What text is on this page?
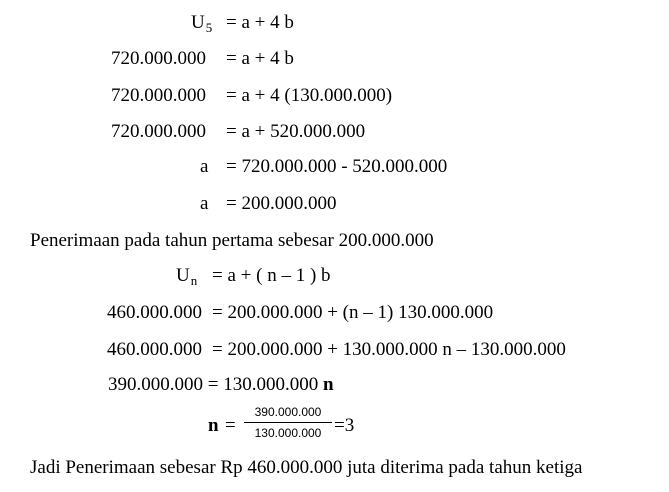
$U_5 = a + 4$ b
720.000.000 = a + 4 b
720.000.000 = a + 4 (130.000.000)
720.000.000 = a + 520.000.000
a = 720.000.000 - 520.000.000
a = 200.000.000
Penerimaan pada tahun pertama sebesar 200.000.000
$U_n = a$ + ( n – 1 ) b
460.000.000 = 200.000.000 + (n – 1) 130.000.000
460.000.000 = 200.000.000 + 130.000.000 n – 130.000.000
390.000.000 = 130.000.000 n
n =
390.000.000
130.000.000 =3
Jadi Penerimaan sebesar Rp 460.000.000 juta diterima pada tahun ketiga
